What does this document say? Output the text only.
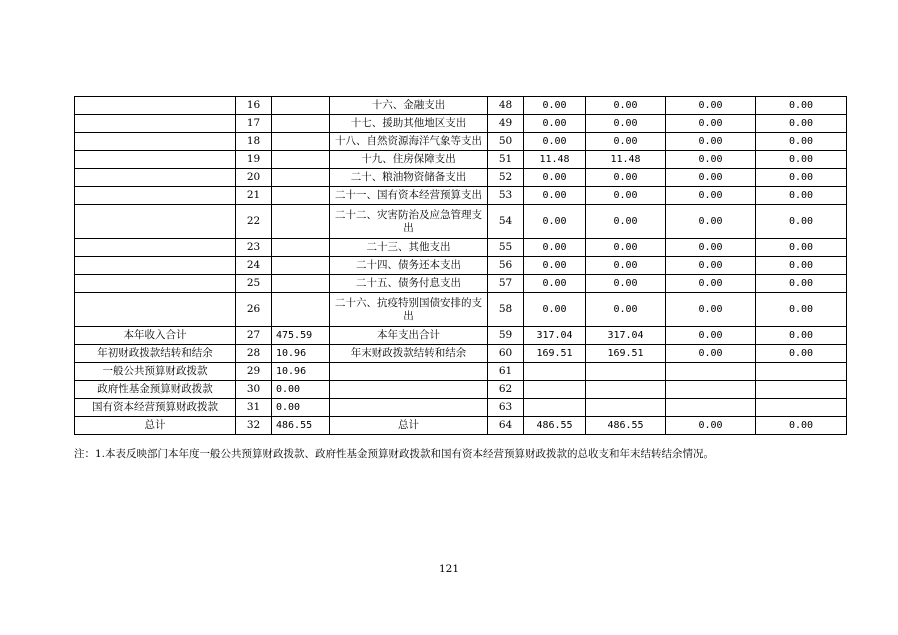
	16		十六、金融支出	48	0.00	0.00	0.00	0.00
	17		十七、援助其他地区支出	49	0.00	0.00	0.00	0.00
	18		十八、自然资源海洋气象等支出	50	0.00	0.00	0.00	0.00
	19		十九、住房保障支出	51	11.48	11.48	0.00	0.00
	20		二十、粮油物资储备支出	52	0.00	0.00	0.00	0.00
	21		二十一、国有资本经营预算支出	53	0.00	0.00	0.00	0.00
	22		二十二、灾害防治及应急管理支出	54	0.00	0.00	0.00	0.00
	23		二十三、其他支出	55	0.00	0.00	0.00	0.00
	24		二十四、债务还本支出	56	0.00	0.00	0.00	0.00
	25		二十五、债务付息支出	57	0.00	0.00	0.00	0.00
	26		二十六、抗疫特别国债安排的支出	58	0.00	0.00	0.00	0.00
本年收入合计	27	475.59	本年支出合计	59	317.04	317.04	0.00	0.00
年初财政拨款结转和结余	28	10.96	年末财政拨款结转和结余	60	169.51	169.51	0.00	0.00
一般公共预算财政拨款	29	10.96		61				
政府性基金预算财政拨款	30	0.00		62				
国有资本经营预算财政拨款	31	0.00		63				
总计	32	486.55	总计	64	486.55	486.55	0.00	0.00
注：1.本表反映部门本年度一般公共预算财政拨款、政府性基金预算财政拨款和国有资本经营预算财政拨款的总收支和年末结转结余情况。
121
